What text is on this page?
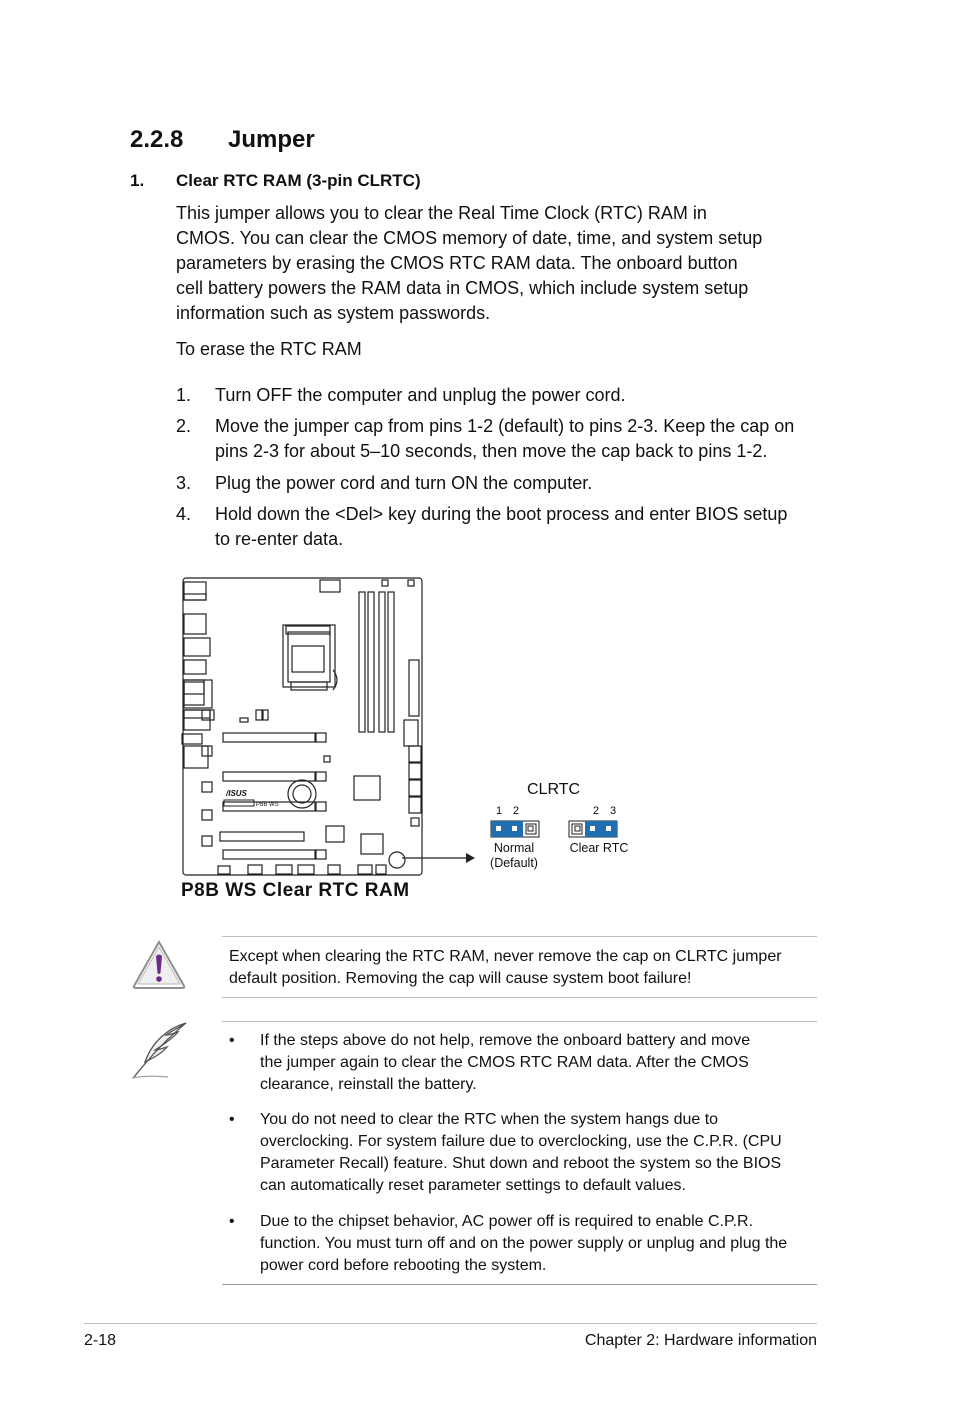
2.2.8 Jumper
1. Clear RTC RAM (3-pin CLRTC)
This jumper allows you to clear the Real Time Clock (RTC) RAM in
CMOS. You can clear the CMOS memory of date, time, and system setup
parameters by erasing the CMOS RTC RAM data. The onboard button
cell battery powers the RAM data in CMOS, which include system setup
information such as system passwords.
To erase the RTC RAM
1. Turn OFF the computer and unplug the power cord.
2. Move the jumper cap from pins 1-2 (default) to pins 2-3. Keep the cap on
pins 2-3 for about 5–10 seconds, then move the cap back to pins 1-2.
3. Plug the power cord and turn ON the computer.
4. Hold down the <Del> key during the boot process and enter BIOS setup
to re-enter data.
/ISUS
P8B WS
CLRTC
1 2	2 3
Normal
(Default)
Clear RTC
P8B WS Clear RTC RAM
Except when clearing the RTC RAM, never remove the cap on CLRTC jumper
default position. Removing the cap will cause system boot failure!
• If the steps above do not help, remove the onboard battery and move
the jumper again to clear the CMOS RTC RAM data. After the CMOS
clearance, reinstall the battery.
• You do not need to clear the RTC when the system hangs due to
overclocking. For system failure due to overclocking, use the C.P.R. (CPU
Parameter Recall) feature. Shut down and reboot the system so the BIOS
can automatically reset parameter settings to default values.
• Due to the chipset behavior, AC power off is required to enable C.P.R.
function. You must turn off and on the power supply or unplug and plug the
power cord before rebooting the system.
2-18	Chapter 2: Hardware information
